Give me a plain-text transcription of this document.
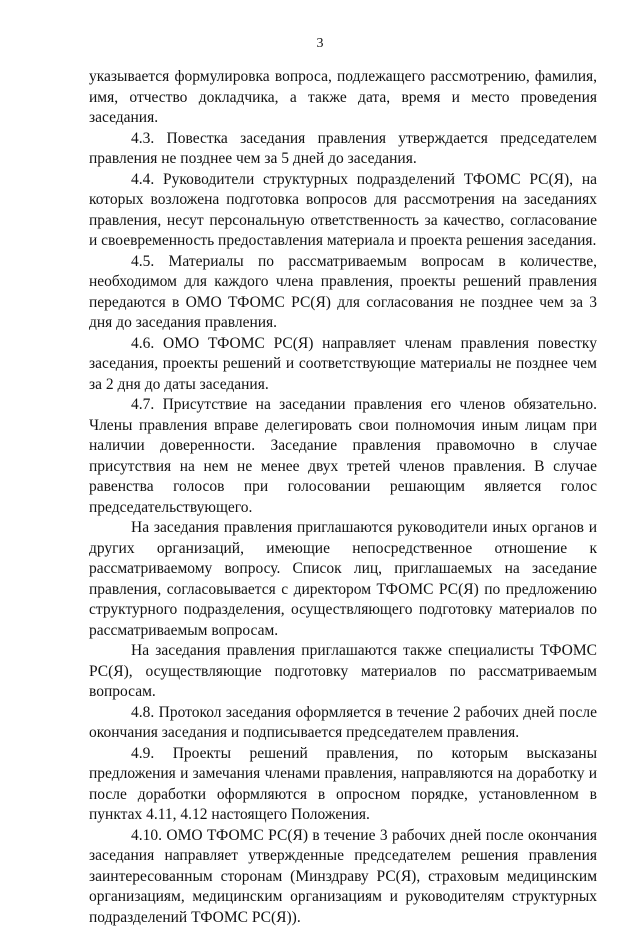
3

указывается формулировка вопроса, подлежащего рассмотрению, фамилия, имя, отчество докладчика, а также дата, время и место проведения заседания.

4.3. Повестка заседания правления утверждается председателем правления не позднее чем за 5 дней до заседания.

4.4. Руководители структурных подразделений ТФОМС РС(Я), на которых возложена подготовка вопросов для рассмотрения на заседаниях правления, несут персональную ответственность за качество, согласование и своевременность предоставления материала и проекта решения заседания.

4.5. Материалы по рассматриваемым вопросам в количестве, необходимом для каждого члена правления, проекты решений правления передаются в ОМО ТФОМС РС(Я) для согласования не позднее чем за 3 дня до заседания правления.

4.6. ОМО ТФОМС РС(Я) направляет членам правления повестку заседания, проекты решений и соответствующие материалы не позднее чем за 2 дня до даты заседания.

4.7. Присутствие на заседании правления его членов обязательно. Члены правления вправе делегировать свои полномочия иным лицам при наличии доверенности. Заседание правления правомочно в случае присутствия на нем не менее двух третей членов правления. В случае равенства голосов при голосовании решающим является голос председательствующего.

На заседания правления приглашаются руководители иных органов и других организаций, имеющие непосредственное отношение к рассматриваемому вопросу. Список лиц, приглашаемых на заседание правления, согласовывается с директором ТФОМС РС(Я) по предложению структурного подразделения, осуществляющего подготовку материалов по рассматриваемым вопросам.

На заседания правления приглашаются также специалисты ТФОМС РС(Я), осуществляющие подготовку материалов по рассматриваемым вопросам.

4.8. Протокол заседания оформляется в течение 2 рабочих дней после окончания заседания и подписывается председателем правления.

4.9. Проекты решений правления, по которым высказаны предложения и замечания членами правления, направляются на доработку и после доработки оформляются в опросном порядке, установленном в пунктах 4.11, 4.12 настоящего Положения.

4.10. ОМО ТФОМС РС(Я) в течение 3 рабочих дней после окончания заседания направляет утвержденные председателем решения правления заинтересованным сторонам (Минздраву РС(Я), страховым медицинским организациям, медицинским организациям и руководителям структурных подразделений ТФОМС РС(Я)).
